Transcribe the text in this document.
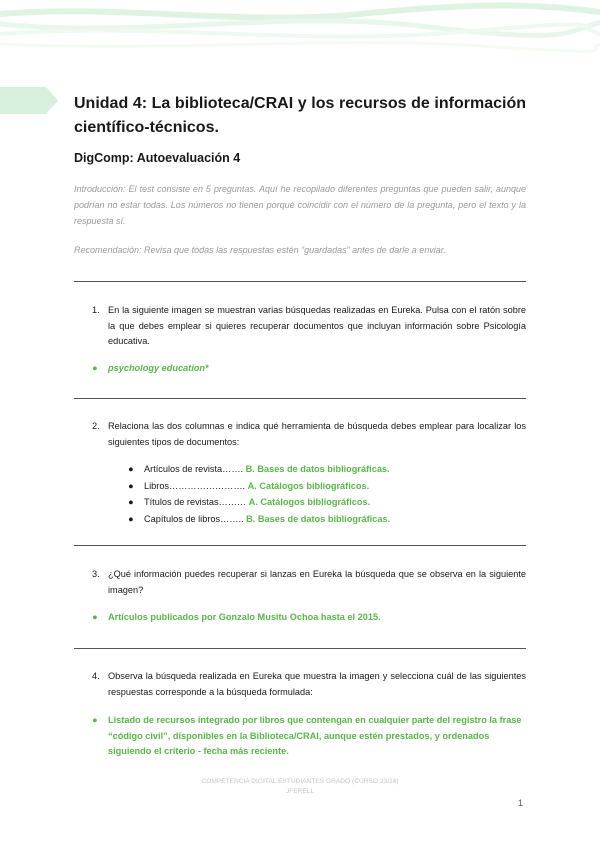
Unidad 4: La biblioteca/CRAI y los recursos de información científico-técnicos.
DigComp: Autoevaluación 4

Introducción: El test consiste en 5 preguntas. Aquí he recopilado diferentes preguntas que pueden salir, aunque podrían no estar todas. Los números no tienen porqué coincidir con el número de la pregunta, pero el texto y la respuesta sí.

Recomendación: Revisa que todas las respuestas estén “guardadas” antes de darle a enviar.

1. En la siguiente imagen se muestran varias búsquedas realizadas en Eureka. Pulsa con el ratón sobre la que debes emplear si quieres recuperar documentos que incluyan información sobre Psicología educativa.
● psychology education*
2. Relaciona las dos columnas e indica qué herramienta de búsqueda debes emplear para localizar los siguientes tipos de documentos:
● Artículos de revista……. B. Bases de datos bibliográficas.
● Libros……………………. A. Catálogos bibliográficos.
● Títulos de revistas……… A. Catálogos bibliográficos.
● Capítulos de libros…….. B. Bases de datos bibliográficas.
3. ¿Qué información puedes recuperar si lanzas en Eureka la búsqueda que se observa en la siguiente imagen?
● Artículos publicados por Gonzalo Musitu Ochoa hasta el 2015.
4. Observa la búsqueda realizada en Eureka que muestra la imagen y selecciona cuál de las siguientes respuestas corresponde a la búsqueda formulada:
● Listado de recursos integrado por libros que contengan en cualquier parte del registro la frase “código civil”, disponibles en la Biblioteca/CRAI, aunque estén prestados, y ordenados siguiendo el criterio - fecha más reciente.
COMPETENCIA DIGITAL ESTUDIANTES GRADO (CURSO 23/24)
JFERELL
1
